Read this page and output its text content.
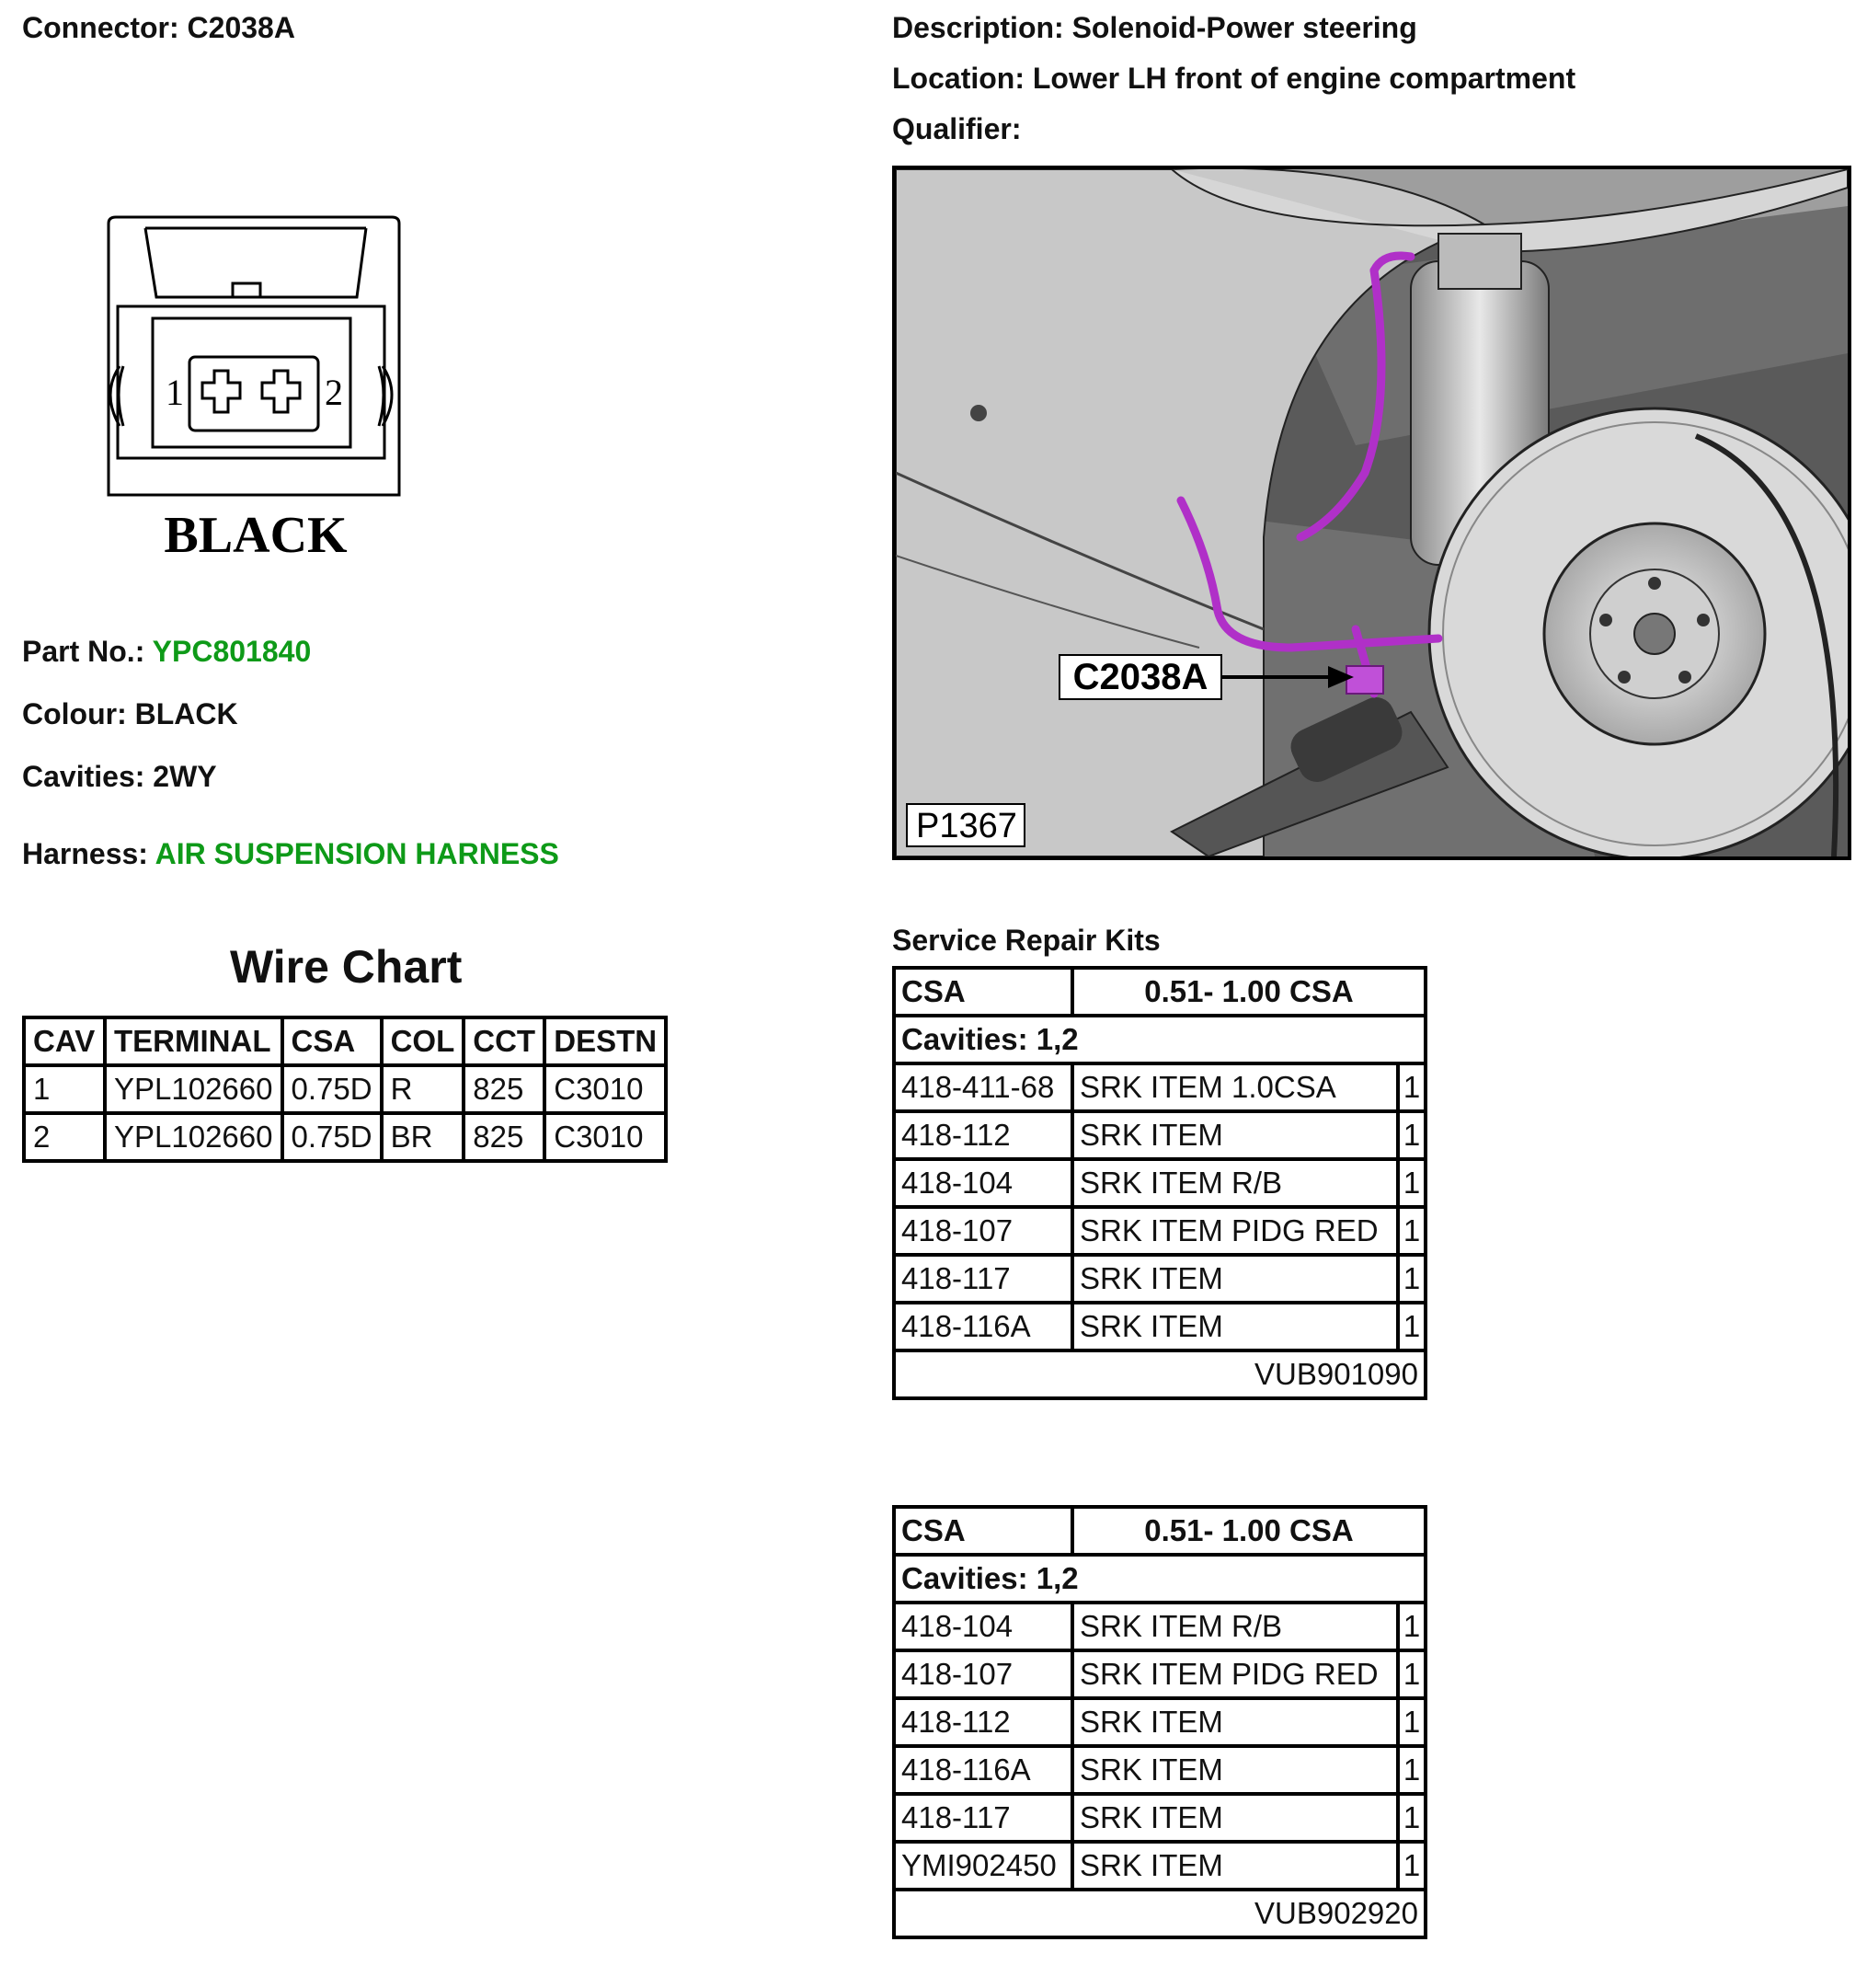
Connector: C2038A	Description: Solenoid-Power steering
Location: Lower LH front of engine compartment
Qualifier:
1	2
BLACK
Part No.: YPC801840
Colour: BLACK
Cavities: 2WY
Harness: AIR SUSPENSION HARNESS
Wire Chart
CAV	TERMINAL	CSA	COL	CCT	DESTN
1	YPL102660	0.75D	R	825	C3010
2	YPL102660	0.75D	BR	825	C3010
C2038A
P1367
Service Repair Kits
CSA	0.51- 1.00 CSA	
Cavities: 1,2		
418-411-68	SRK ITEM 1.0CSA	1
418-112	SRK ITEM	1
418-104	SRK ITEM R/B	1
418-107	SRK ITEM PIDG RED	1
418-117	SRK ITEM	1
418-116A	SRK ITEM	1
VUB901090		
CSA	0.51- 1.00 CSA	
Cavities: 1,2		
418-104	SRK ITEM R/B	1
418-107	SRK ITEM PIDG RED	1
418-112	SRK ITEM	1
418-116A	SRK ITEM	1
418-117	SRK ITEM	1
YMI902450	SRK ITEM	1
VUB902920		
